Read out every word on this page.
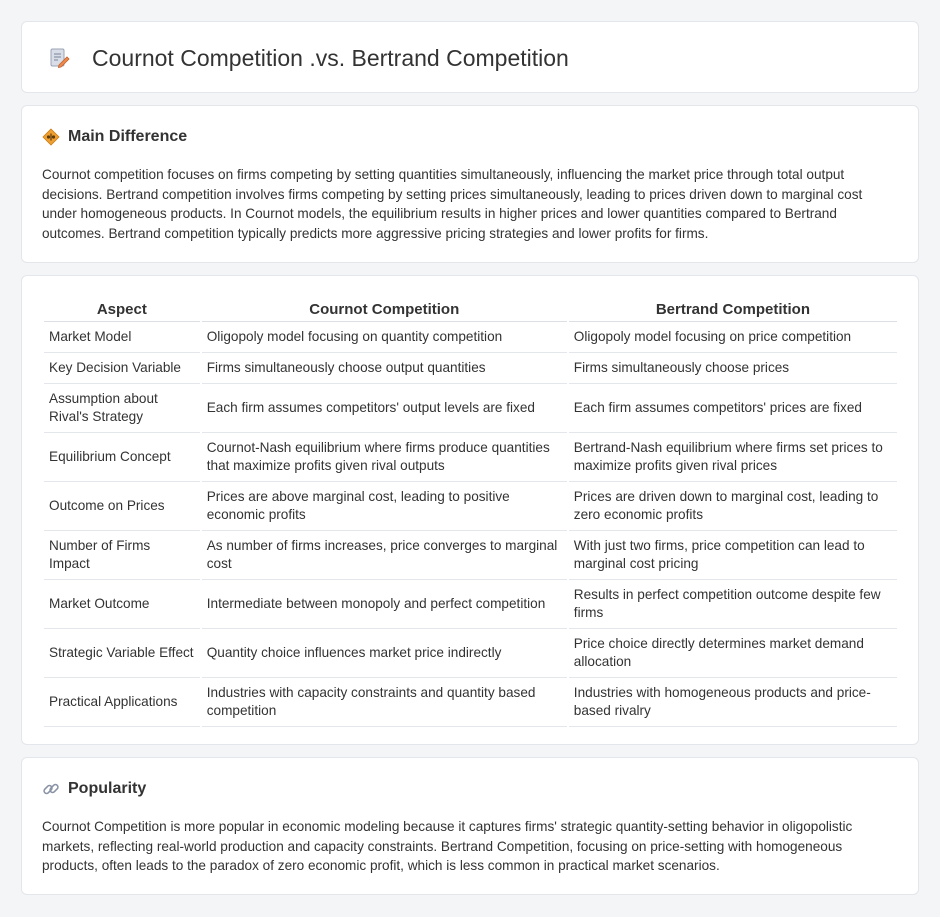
Cournot Competition .vs. Bertrand Competition
Main Difference

Cournot competition focuses on firms competing by setting quantities simultaneously, influencing the market price through total output decisions. Bertrand competition involves firms competing by setting prices simultaneously, leading to prices driven down to marginal cost under homogeneous products. In Cournot models, the equilibrium results in higher prices and lower quantities compared to Bertrand outcomes. Bertrand competition typically predicts more aggressive pricing strategies and lower profits for firms.

Aspect	Cournot Competition	Bertrand Competition
Market Model	Oligopoly model focusing on quantity competition	Oligopoly model focusing on price competition
Key Decision Variable	Firms simultaneously choose output quantities	Firms simultaneously choose prices
Assumption about Rival's Strategy	Each firm assumes competitors' output levels are fixed	Each firm assumes competitors' prices are fixed
Equilibrium Concept	Cournot-Nash equilibrium where firms produce quantities that maximize profits given rival outputs	Bertrand-Nash equilibrium where firms set prices to maximize profits given rival prices
Outcome on Prices	Prices are above marginal cost, leading to positive economic profits	Prices are driven down to marginal cost, leading to zero economic profits
Number of Firms Impact	As number of firms increases, price converges to marginal cost	With just two firms, price competition can lead to marginal cost pricing
Market Outcome	Intermediate between monopoly and perfect competition	Results in perfect competition outcome despite few firms
Strategic Variable Effect	Quantity choice influences market price indirectly	Price choice directly determines market demand allocation
Practical Applications	Industries with capacity constraints and quantity based competition	Industries with homogeneous products and price-based rivalry
Popularity

Cournot Competition is more popular in economic modeling because it captures firms' strategic quantity-setting behavior in oligopolistic markets, reflecting real-world production and capacity constraints. Bertrand Competition, focusing on price-setting with homogeneous products, often leads to the paradox of zero economic profit, which is less common in practical market scenarios.
